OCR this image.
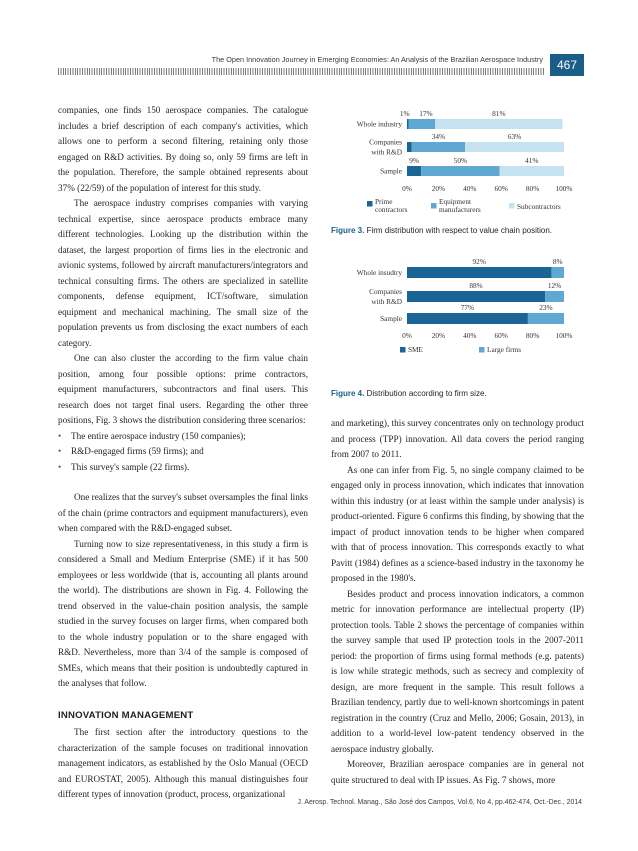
The Open Innovation Journey in Emerging Economies: An Analysis of the Brazilian Aerospace Industry	467

companies, one finds 150 aerospace companies. The catalogue includes a brief description of each company's activities, which allows one to perform a second filtering, retaining only those engaged on R&D activities. By doing so, only 59 firms are left in the population. Therefore, the sample obtained represents about 37% (22/59) of the population of interest for this study.

The aerospace industry comprises companies with varying technical expertise, since aerospace products embrace many different technologies. Looking up the distribution within the dataset, the largest proportion of firms lies in the electronic and avionic systems, followed by aircraft manufacturers/integrators and technical consulting firms. The others are specialized in satellite components, defense equipment, ICT/software, simulation equipment and mechanical machining. The small size of the population prevents us from disclosing the exact numbers of each category.

One can also cluster the according to the firm value chain position, among four possible options: prime contractors, equipment manufacturers, subcontractors and final users. This research does not target final users. Regarding the other three positions, Fig. 3 shows the distribution considering three scenarios:

• The entire aerospace industry (150 companies);
• R&D-engaged firms (59 firms); and
• This survey's sample (22 firms).

One realizes that the survey's subset oversamples the final links of the chain (prime contractors and equipment manufacturers), even when compared with the R&D-engaged subset.

Turning now to size representativeness, in this study a firm is considered a Small and Medium Enterprise (SME) if it has 500 employees or less worldwide (that is, accounting all plants around the world). The distributions are shown in Fig. 4. Following the trend observed in the value-chain position analysis, the sample studied in the survey focuses on larger firms, when compared both to the whole industry population or to the share engaged with R&D. Nevertheless, more than 3/4 of the sample is composed of SMEs, which means that their position is undoubtedly captured in the analyses that follow.

INNOVATION MANAGEMENT

The first section after the introductory questions to the characterization of the sample focuses on traditional innovation management indicators, as established by the Oslo Manual (OECD and EUROSTAT, 2005). Although this manual distinguishes four different types of innovation (product, process, organizational

1% 17%	81%
Whole industry
34%	63%
Companies
with R&D
9%	50%	41%
Sample
0%	20% 40% 60% 80% 100%
Prime
contractors
Equipment
manufacturers	Subcontractors
Figure 3. Firm distribution with respect to value chain position.
92%	8%
Whole insudtry
88%	12%
Companies
with R&D
77%	23%
Sample
0%	20% 40% 60% 80% 100%
SME	Large firms
Figure 4. Distribution according to firm size.

and marketing), this survey concentrates only on technology product and process (TPP) innovation. All data covers the period ranging from 2007 to 2011.

As one can infer from Fig. 5, no single company claimed to be engaged only in process innovation, which indicates that innovation within this industry (or at least within the sample under analysis) is product-oriented. Figure 6 confirms this finding, by showing that the impact of product innovation tends to be higher when compared with that of process innovation. This corresponds exactly to what Pavitt (1984) defines as a science-based industry in the taxonomy he proposed in the 1980's.

Besides product and process innovation indicators, a common metric for innovation performance are intellectual property (IP) protection tools. Table 2 shows the percentage of companies within the survey sample that used IP protection tools in the 2007-2011 period: the proportion of firms using formal methods (e.g. patents) is low while strategic methods, such as secrecy and complexity of design, are more frequent in the sample. This result follows a Brazilian tendency, partly due to well-known shortcomings in patent registration in the country (Cruz and Mello, 2006; Gosain, 2013), in addition to a world-level low-patent tendency observed in the aerospace industry globally.

Moreover, Brazilian aerospace companies are in general not quite structured to deal with IP issues. As Fig. 7 shows, more

J. Aerosp. Technol. Manag., São José dos Campos, Vol.6, No 4, pp.462-474, Oct.-Dec., 2014
